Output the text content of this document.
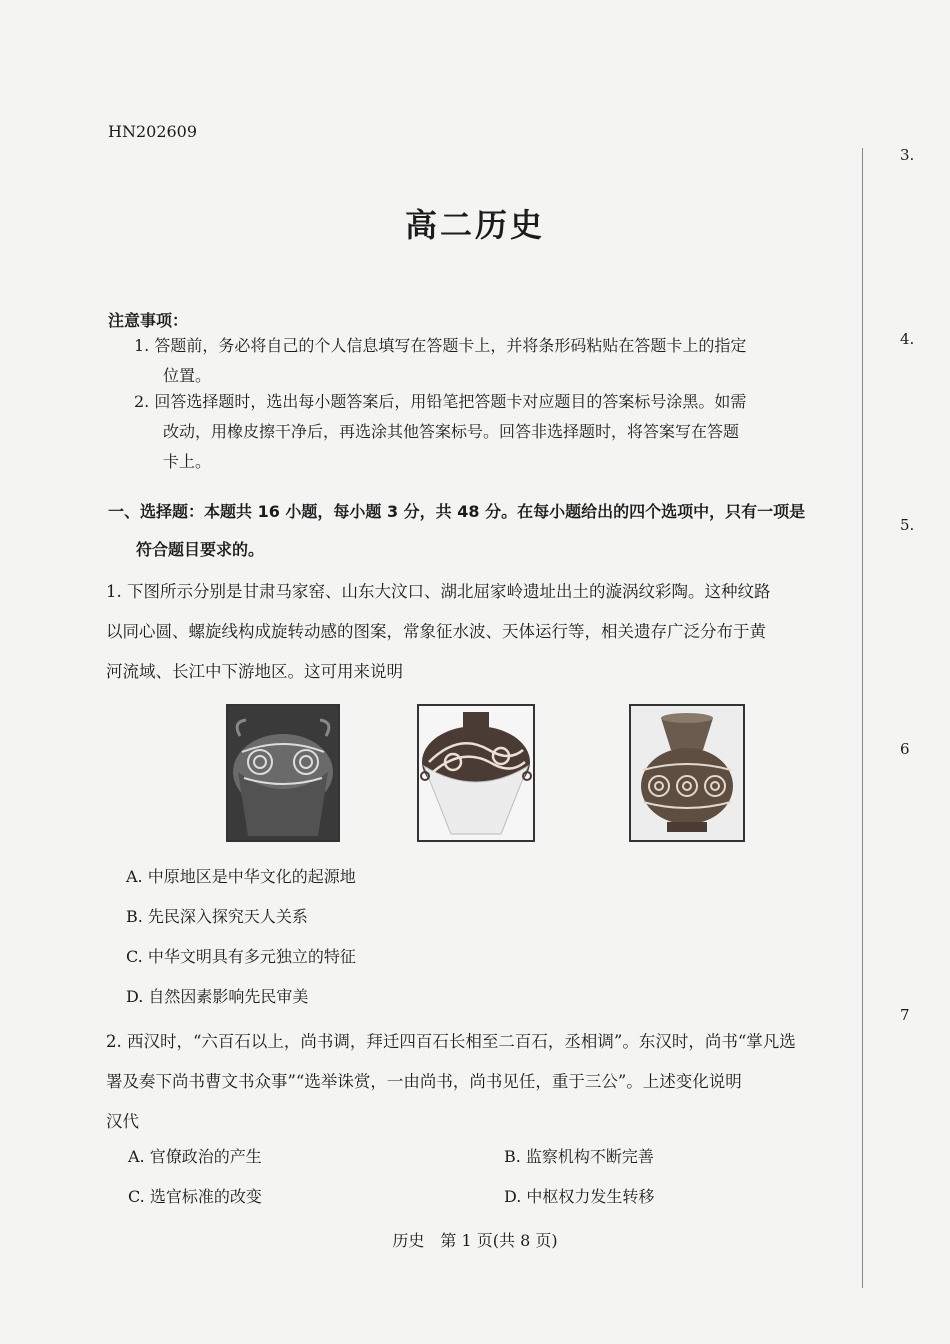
HN202609
高二历史
注意事项：
1. 答题前，务必将自己的个人信息填写在答题卡上，并将条形码粘贴在答题卡上的指定
位置。
2. 回答选择题时，选出每小题答案后，用铅笔把答题卡对应题目的答案标号涂黑。如需
改动，用橡皮擦干净后，再选涂其他答案标号。回答非选择题时，将答案写在答题
卡上。
一、选择题：本题共 16 小题，每小题 3 分，共 48 分。在每小题给出的四个选项中，只有一项是
符合题目要求的。
1. 下图所示分别是甘肃马家窑、山东大汶口、湖北屈家岭遗址出土的漩涡纹彩陶。这种纹路
以同心圆、螺旋线构成旋转动感的图案，常象征水波、天体运行等，相关遗存广泛分布于黄
河流域、长江中下游地区。这可用来说明
A. 中原地区是中华文化的起源地
B. 先民深入探究天人关系
C. 中华文明具有多元独立的特征
D. 自然因素影响先民审美
2. 西汉时，“六百石以上，尚书调，拜迁四百石长相至二百石，丞相调”。东汉时，尚书“掌凡选
署及奏下尚书曹文书众事”“选举诛赏，一由尚书，尚书见任，重于三公”。上述变化说明
汉代
A. 官僚政治的产生	B. 监察机构不断完善
C. 选官标准的改变	D. 中枢权力发生转移
历史　第 1 页(共 8 页)
3.
4.
5.
6
7
